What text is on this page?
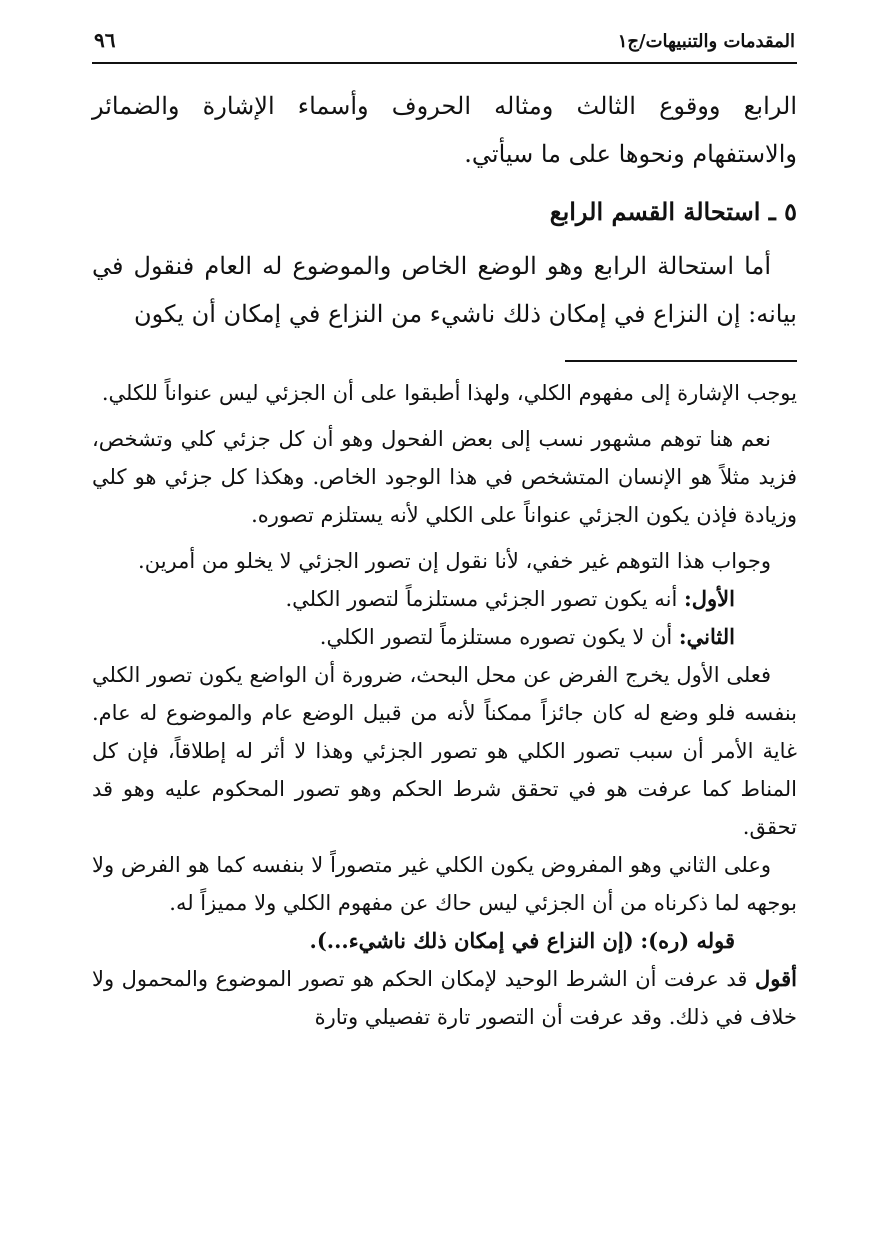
المقدمات والتنبيهات/ج١
٩٦

الرابع ووقوع الثالث ومثاله الحروف وأسماء الإشارة والضمائر والاستفهام ونحوها على ما سيأتي.

٥ ـ استحالة القسم الرابع

أما استحالة الرابع وهو الوضع الخاص والموضوع له العام فنقول في بيانه: إن النزاع في إمكان ذلك ناشيء من النزاع في إمكان أن يكون

يوجب الإشارة إلى مفهوم الكلي، ولهذا أطبقوا على أن الجزئي ليس عنواناً للكلي.

نعم هنا توهم مشهور نسب إلى بعض الفحول وهو أن كل جزئي كلي وتشخص، فزيد مثلاً هو الإنسان المتشخص في هذا الوجود الخاص. وهكذا كل جزئي هو كلي وزيادة فإذن يكون الجزئي عنواناً على الكلي لأنه يستلزم تصوره.

وجواب هذا التوهم غير خفي، لأنا نقول إن تصور الجزئي لا يخلو من أمرين.

الأول: أنه يكون تصور الجزئي مستلزماً لتصور الكلي.

الثاني: أن لا يكون تصوره مستلزماً لتصور الكلي.

فعلى الأول يخرج الفرض عن محل البحث، ضرورة أن الواضع يكون تصور الكلي بنفسه فلو وضع له كان جائزاً ممكناً لأنه من قبيل الوضع عام والموضوع له عام. غاية الأمر أن سبب تصور الكلي هو تصور الجزئي وهذا لا أثر له إطلاقاً، فإن كل المناط كما عرفت هو في تحقق شرط الحكم وهو تصور المحكوم عليه وهو قد تحقق.

وعلى الثاني وهو المفروض يكون الكلي غير متصوراً لا بنفسه كما هو الفرض ولا بوجهه لما ذكرناه من أن الجزئي ليس حاك عن مفهوم الكلي ولا مميزاً له.

قوله (ره): (إن النزاع في إمكان ذلك ناشيء...).

أقول قد عرفت أن الشرط الوحيد لإمكان الحكم هو تصور الموضوع والمحمول ولا خلاف في ذلك. وقد عرفت أن التصور تارة تفصيلي وتارة
